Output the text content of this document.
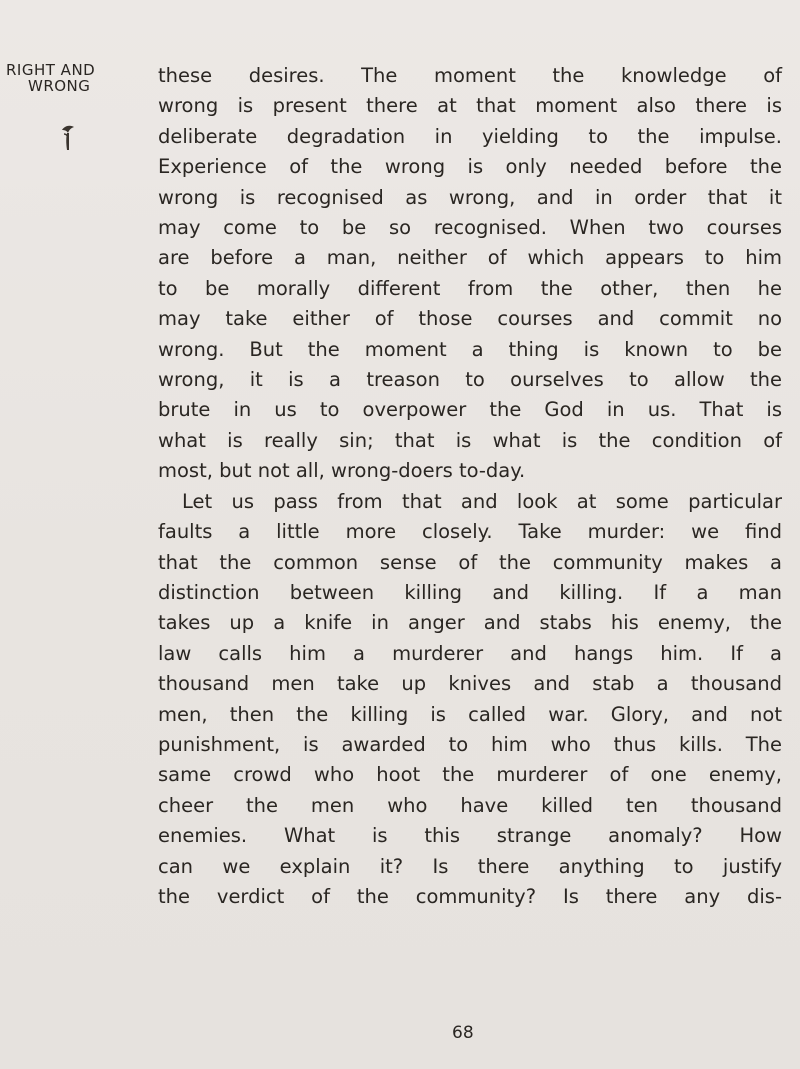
RIGHT AND
WRONG	these desires. The moment the knowledge of
wrong is present there at that moment also there is
deliberate degradation in yielding to the impulse.
Experience of the wrong is only needed before the
wrong is recognised as wrong, and in order that it
may come to be so recognised. When two courses
are before a man, neither of which appears to him
to be morally different from the other, then he
may take either of those courses and commit no
wrong. But the moment a thing is known to be
wrong, it is a treason to ourselves to allow the
brute in us to overpower the God in us. That is
what is really sin; that is what is the condition of
most, but not all, wrong-doers to-day.
Let us pass from that and look at some particular
faults a little more closely. Take murder: we find
that the common sense of the community makes a
distinction between killing and killing. If a man
takes up a knife in anger and stabs his enemy, the
law calls him a murderer and hangs him. If a
thousand men take up knives and stab a thousand
men, then the killing is called war. Glory, and not
punishment, is awarded to him who thus kills. The
same crowd who hoot the murderer of one enemy,
cheer the men who have killed ten thousand
enemies. What is this strange anomaly? How
can we explain it? Is there anything to justify
the verdict of the community? Is there any dis-
68
